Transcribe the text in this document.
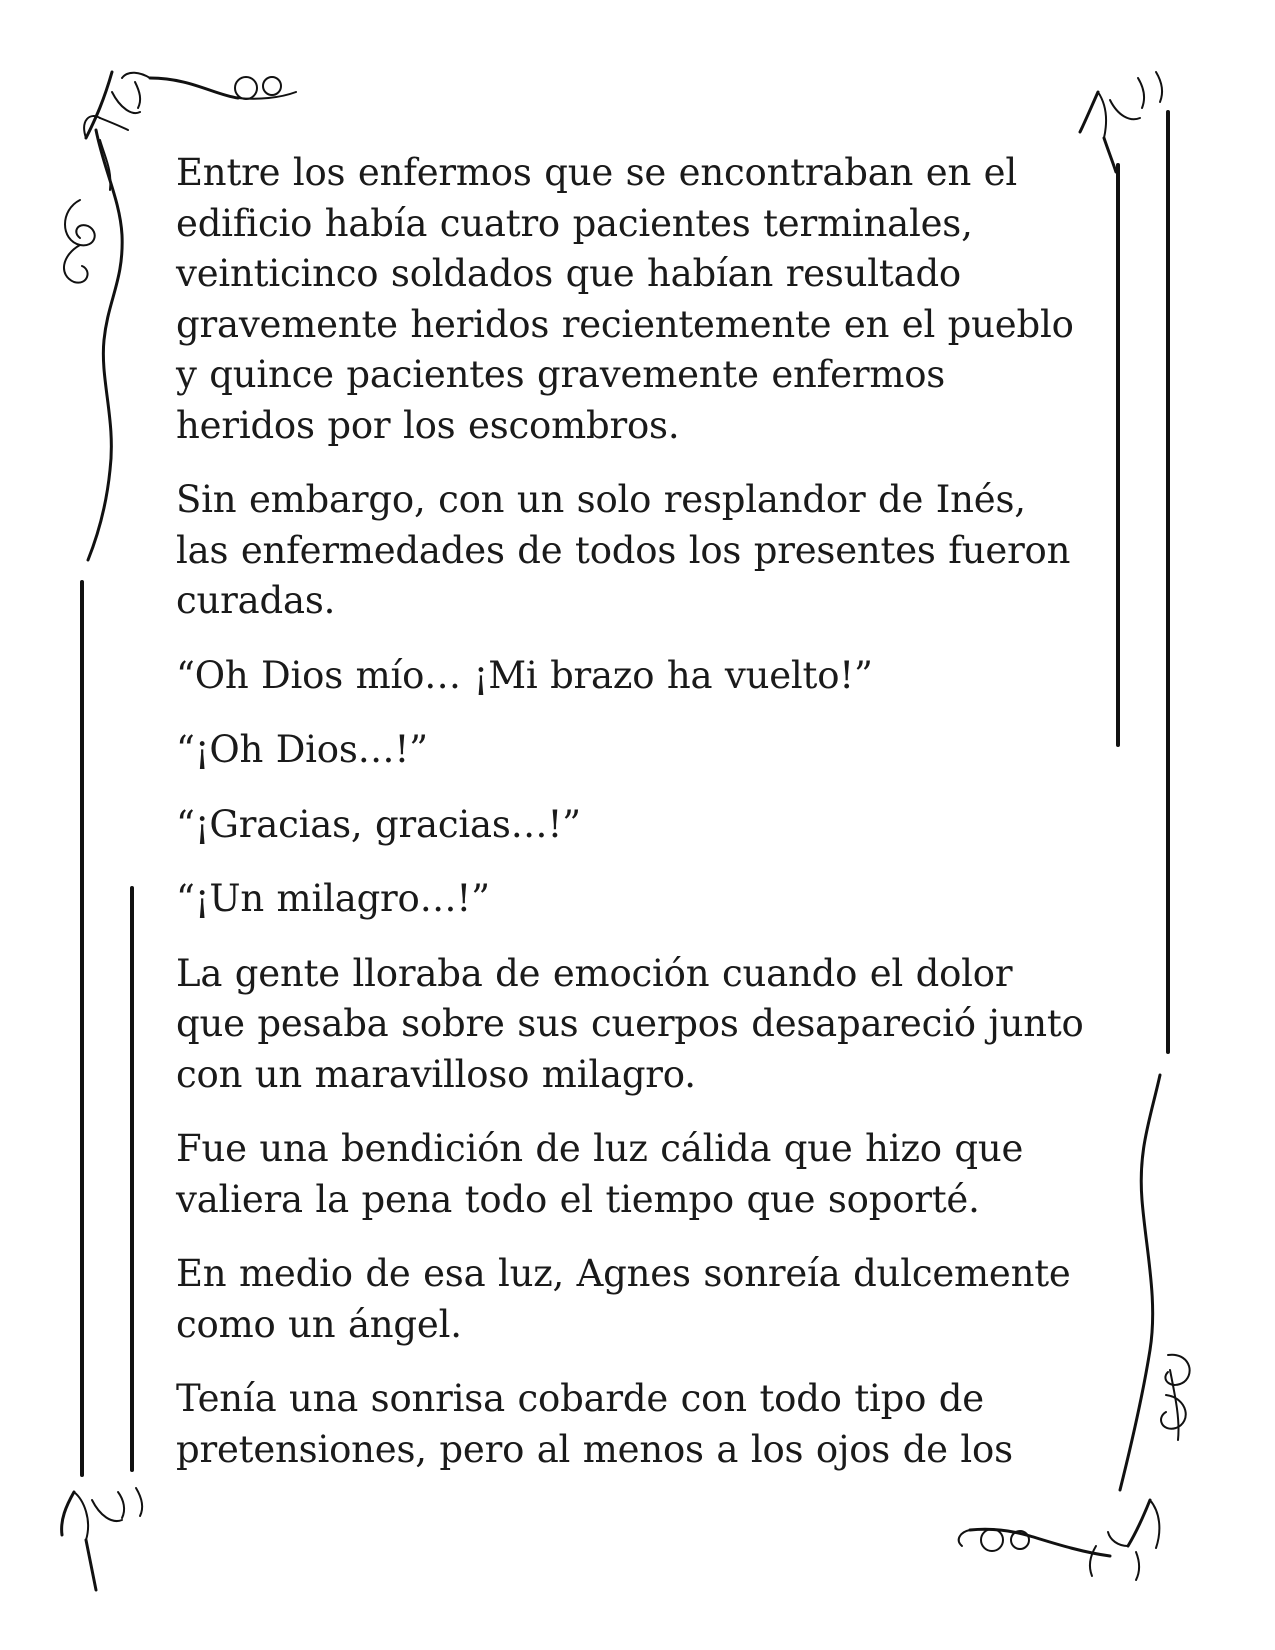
Entre los enfermos que se encontraban en el
edificio había cuatro pacientes terminales,
veinticinco soldados que habían resultado
gravemente heridos recientemente en el pueblo
y quince pacientes gravemente enfermos
heridos por los escombros.

Sin embargo, con un solo resplandor de Inés,
las enfermedades de todos los presentes fueron
curadas.

“Oh Dios mío… ¡Mi brazo ha vuelto!”

“¡Oh Dios…!”

“¡Gracias, gracias…!”

“¡Un milagro…!”

La gente lloraba de emoción cuando el dolor
que pesaba sobre sus cuerpos desapareció junto
con un maravilloso milagro.

Fue una bendición de luz cálida que hizo que
valiera la pena todo el tiempo que soporté.

En medio de esa luz, Agnes sonreía dulcemente
como un ángel.

Tenía una sonrisa cobarde con todo tipo de
pretensiones, pero al menos a los ojos de los
